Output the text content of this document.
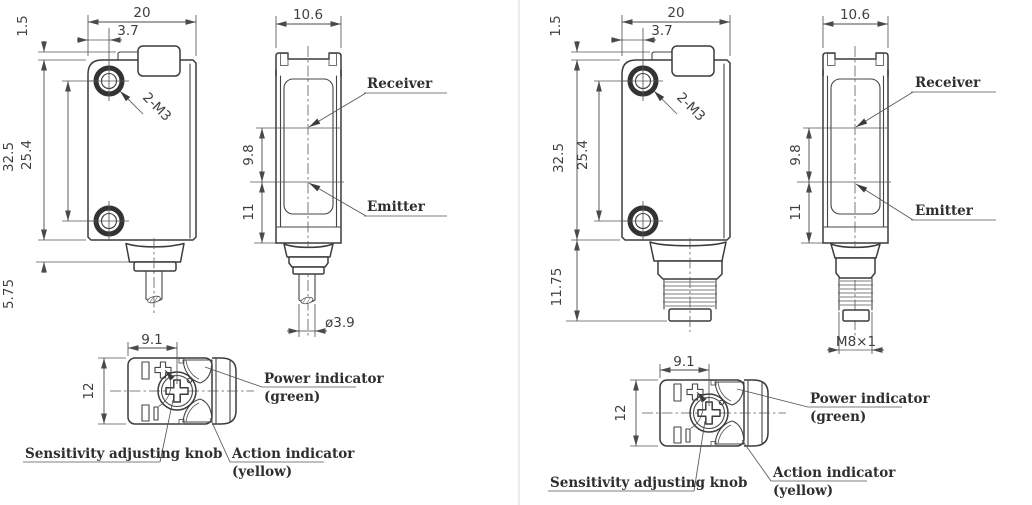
20
3.7
1.5
32.5 25.4
5.75
2-M3
10.6
9.8
11
Receiver
Emitter
ø3.9
9.1
12
Power indicator
(green)
Action indicator
(yellow)
Sensitivity adjusting knob
20
3.7
1.5
32.5 25.4
11.75
2-M3
10.6
9.8
11
Receiver
Emitter
M8×1
9.1
12
Power indicator
(green)
Action indicator
(yellow)
Sensitivity adjusting knob
